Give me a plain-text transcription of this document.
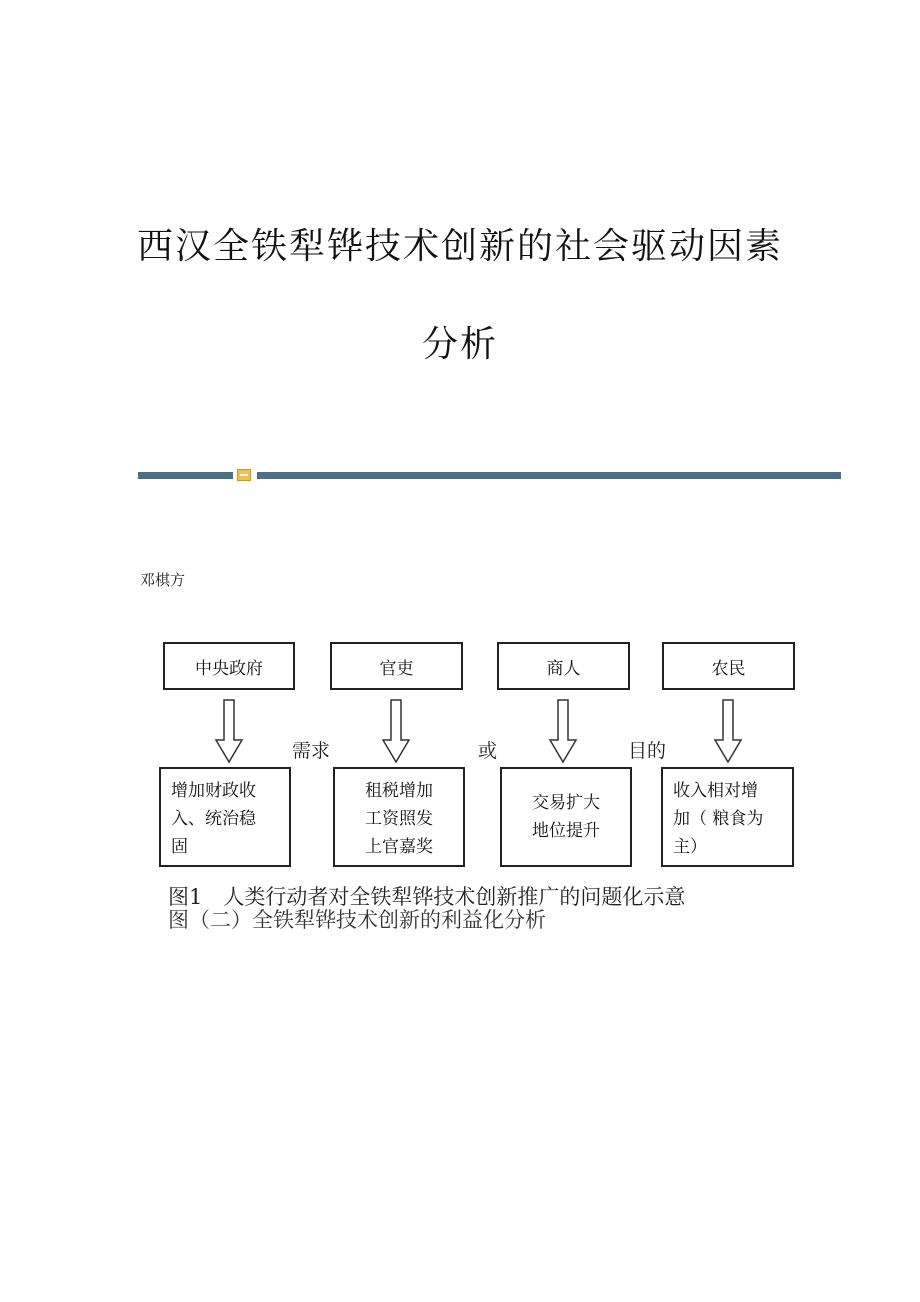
西汉全铁犁铧技术创新的社会驱动因素
分析
邓棋方
中央政府	官吏	商人	农民
需求	或	目的
增加财政收
入、统治稳
固
租税增加
工资照发
上官嘉奖
交易扩大
地位提升
收入相对增
加（ 粮食为
主）
图1　人类行动者对全铁犁铧技术创新推广的问题化示意
图（二）全铁犁铧技术创新的利益化分析
